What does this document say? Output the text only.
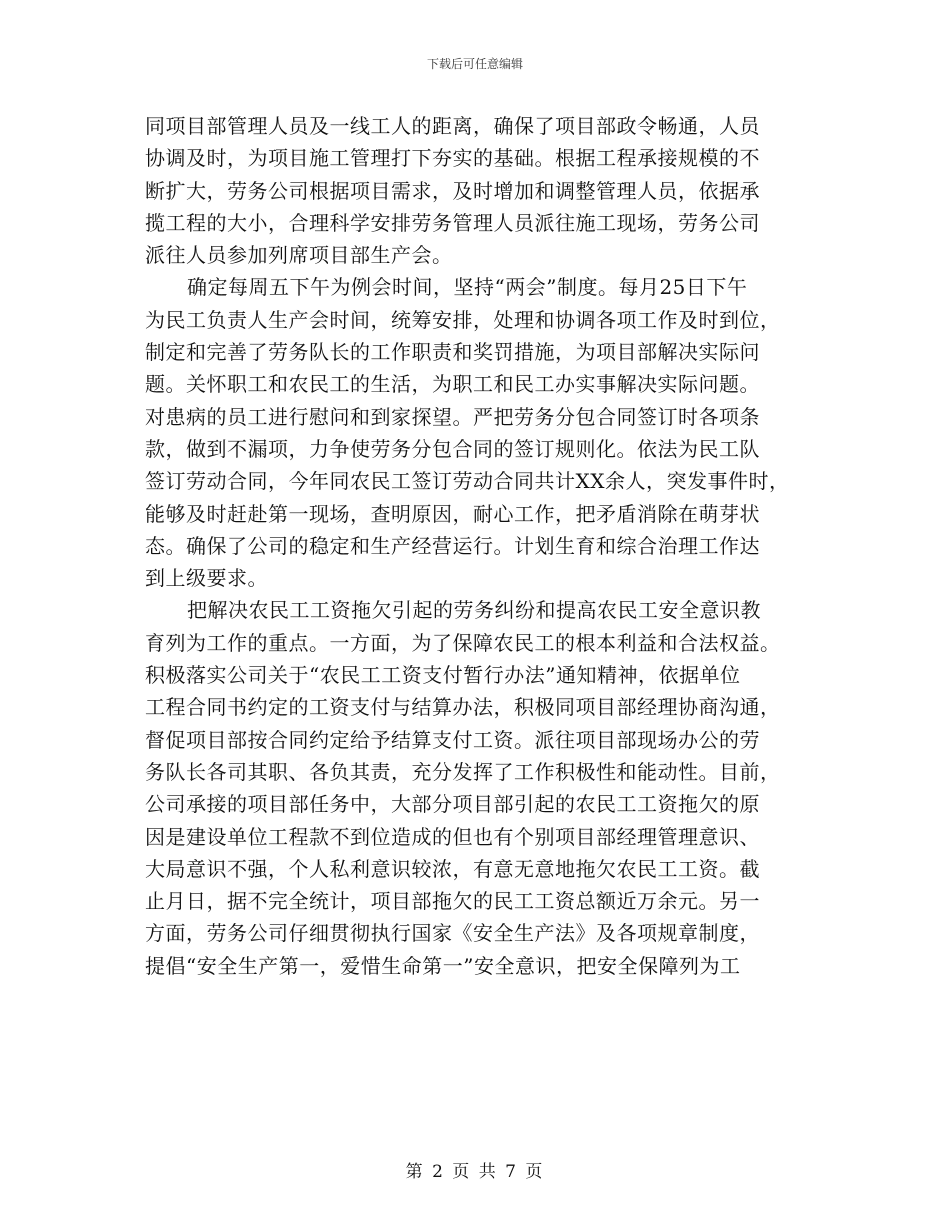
下载后可任意编辑
同项目部管理人员及一线工人的距离，确保了项目部政令畅通，人员
协调及时，为项目施工管理打下夯实的基础。根据工程承接规模的不
断扩大，劳务公司根据项目需求，及时增加和调整管理人员，依据承
揽工程的大小，合理科学安排劳务管理人员派往施工现场，劳务公司
派往人员参加列席项目部生产会。
确定每周五下午为例会时间，坚持“两会”制度。每月25日下午
为民工负责人生产会时间，统筹安排，处理和协调各项工作及时到位，
制定和完善了劳务队长的工作职责和奖罚措施，为项目部解决实际问
题。关怀职工和农民工的生活，为职工和民工办实事解决实际问题。
对患病的员工进行慰问和到家探望。严把劳务分包合同签订时各项条
款，做到不漏项，力争使劳务分包合同的签订规则化。依法为民工队
签订劳动合同，今年同农民工签订劳动合同共计XX余人，突发事件时，
能够及时赶赴第一现场，查明原因，耐心工作，把矛盾消除在萌芽状
态。确保了公司的稳定和生产经营运行。计划生育和综合治理工作达
到上级要求。
把解决农民工工资拖欠引起的劳务纠纷和提高农民工安全意识教
育列为工作的重点。一方面，为了保障农民工的根本利益和合法权益。
积极落实公司关于“农民工工资支付暂行办法”通知精神，依据单位
工程合同书约定的工资支付与结算办法，积极同项目部经理协商沟通，
督促项目部按合同约定给予结算支付工资。派往项目部现场办公的劳
务队长各司其职、各负其责，充分发挥了工作积极性和能动性。目前，
公司承接的项目部任务中，大部分项目部引起的农民工工资拖欠的原
因是建设单位工程款不到位造成的但也有个别项目部经理管理意识、
大局意识不强，个人私利意识较浓，有意无意地拖欠农民工工资。截
止月日，据不完全统计，项目部拖欠的民工工资总额近万余元。另一
方面，劳务公司仔细贯彻执行国家《安全生产法》及各项规章制度，
提倡“安全生产第一，爱惜生命第一”安全意识，把安全保障列为工
第 2 页 共 7 页
